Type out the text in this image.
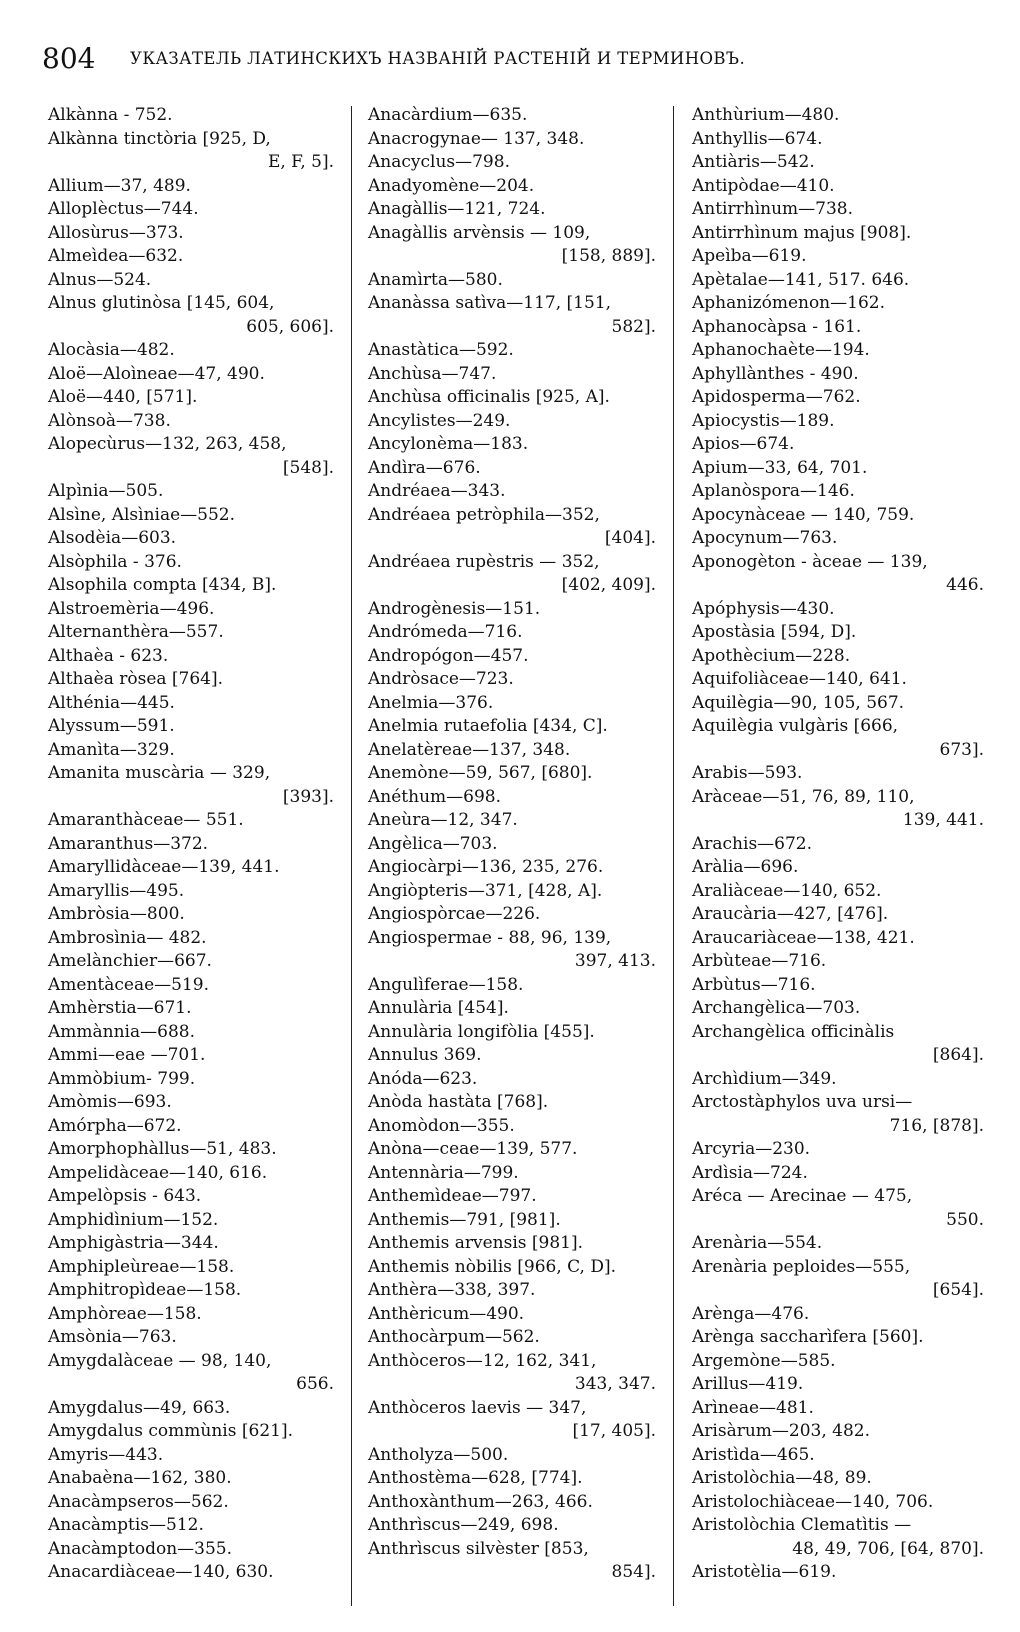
804 УКАЗАТЕЛЬ ЛАТИНСКИХЪ НАЗВАНІЙ РАСТЕНІЙ И ТЕРМИНОВЪ.
Alkànna - 752.
Alkànna tinctòria [925, D,
E, F, 5].
Allium—37, 489.
Alloplèctus—744.
Allosùrus—373.
Almeìdea—632.
Alnus—524.
Alnus glutinòsa [145, 604,
605, 606].
Alocàsia—482.
Aloë—Aloìneae—47, 490.
Aloë—440, [571].
Alònsoà—738.
Alopecùrus—132, 263, 458,
[548].
Alpìnia—505.
Alsìne, Alsìniae—552.
Alsodèia—603.
Alsòphila - 376.
Alsophila compta [434, B].
Alstroemèria—496.
Alternanthèra—557.
Althaèa - 623.
Althaèa ròsea [764].
Althénia—445.
Alyssum—591.
Amanìta—329.
Amanita muscària — 329,
[393].
Amaranthàceae— 551.
Amaranthus—372.
Amaryllidàceae—139, 441.
Amaryllis—495.
Ambròsia—800.
Ambrosìnia— 482.
Amelànchier—667.
Amentàceae—519.
Amhèrstia—671.
Ammànnia—688.
Ammi—eae —701.
Ammòbium- 799.
Amòmis—693.
Amórpha—672.
Amorphophàllus—51, 483.
Ampelidàceae—140, 616.
Ampelòpsis - 643.
Amphidìnium—152.
Amphigàstria—344.
Amphipleùreae—158.
Amphitropìdeae—158.
Amphòreae—158.
Amsònia—763.
Amygdalàceae — 98, 140,
656.
Amygdalus—49, 663.
Amygdalus commùnis [621].
Amyris—443.
Anabaèna—162, 380.
Anacàmpseros—562.
Anacàmptis—512.
Anacàmptodon—355.
Anacardiàceae—140, 630.
Anacàrdium—635.
Anacrogynae— 137, 348.
Anacyclus—798.
Anadyomène—204.
Anagàllis—121, 724.
Anagàllis arvènsis — 109,
[158, 889].
Anamìrta—580.
Ananàssa satìva—117, [151,
582].
Anastàtica—592.
Anchùsa—747.
Anchùsa officinalis [925, A].
Ancylistes—249.
Ancylonèma—183.
Andìra—676.
Andréaea—343.
Andréaea petròphila—352,
[404].
Andréaea rupèstris — 352,
[402, 409].
Androgènesis—151.
Andrómeda—716.
Andropógon—457.
Andròsace—723.
Anelmia—376.
Anelmia rutaefolia [434, C].
Anelatèreae—137, 348.
Anemòne—59, 567, [680].
Anéthum—698.
Aneùra—12, 347.
Angèlica—703.
Angiocàrpi—136, 235, 276.
Angiòpteris—371, [428, A].
Angiospòrcae—226.
Angiospermae - 88, 96, 139,
397, 413.
Angulìferae—158.
Annulària [454].
Annulària longifòlia [455].
Annulus 369.
Anóda—623.
Anòda hastàta [768].
Anomòdon—355.
Anòna—ceae—139, 577.
Antennària—799.
Anthemìdeae—797.
Anthemis—791, [981].
Anthemis arvensis [981].
Anthemis nòbilis [966, C, D].
Anthèra—338, 397.
Anthèricum—490.
Anthocàrpum—562.
Anthòceros—12, 162, 341,
343, 347.
Anthòceros laevis — 347,
[17, 405].
Antholyza—500.
Anthostèma—628, [774].
Anthoxànthum—263, 466.
Anthrìscus—249, 698.
Anthrìscus silvèster [853,
854].
Anthùrium—480.
Anthyllis—674.
Antiàris—542.
Antipòdae—410.
Antirrhìnum—738.
Antirrhìnum majus [908].
Apeìba—619.
Apètalae—141, 517. 646.
Aphanizómenon—162.
Aphanocàpsa - 161.
Aphanochaète—194.
Aphyllànthes - 490.
Apidosperma—762.
Apiocystis—189.
Apios—674.
Apium—33, 64, 701.
Aplanòspora—146.
Apocynàceae — 140, 759.
Apocynum—763.
Aponogèton - àceae — 139,
446.
Apóphysis—430.
Apostàsia [594, D].
Apothècium—228.
Aquifoliàceae—140, 641.
Aquilègia—90, 105, 567.
Aquilègia vulgàris [666,
673].
Arabis—593.
Aràceae—51, 76, 89, 110,
139, 441.
Arachis—672.
Aràlia—696.
Araliàceae—140, 652.
Araucària—427, [476].
Araucariàceae—138, 421.
Arbùteae—716.
Arbùtus—716.
Archangèlica—703.
Archangèlica officinàlis
[864].
Archìdium—349.
Arctostàphylos uva ursi—
716, [878].
Arcyria—230.
Ardìsia—724.
Aréca — Arecinae — 475,
550.
Arenària—554.
Arenària peploides—555,
[654].
Arènga—476.
Arènga saccharìfera [560].
Argemòne—585.
Arillus—419.
Arìneae—481.
Arisàrum—203, 482.
Aristìda—465.
Aristolòchia—48, 89.
Aristolochiàceae—140, 706.
Aristolòchia Clematìtis —
48, 49, 706, [64, 870].
Aristotèlia—619.
